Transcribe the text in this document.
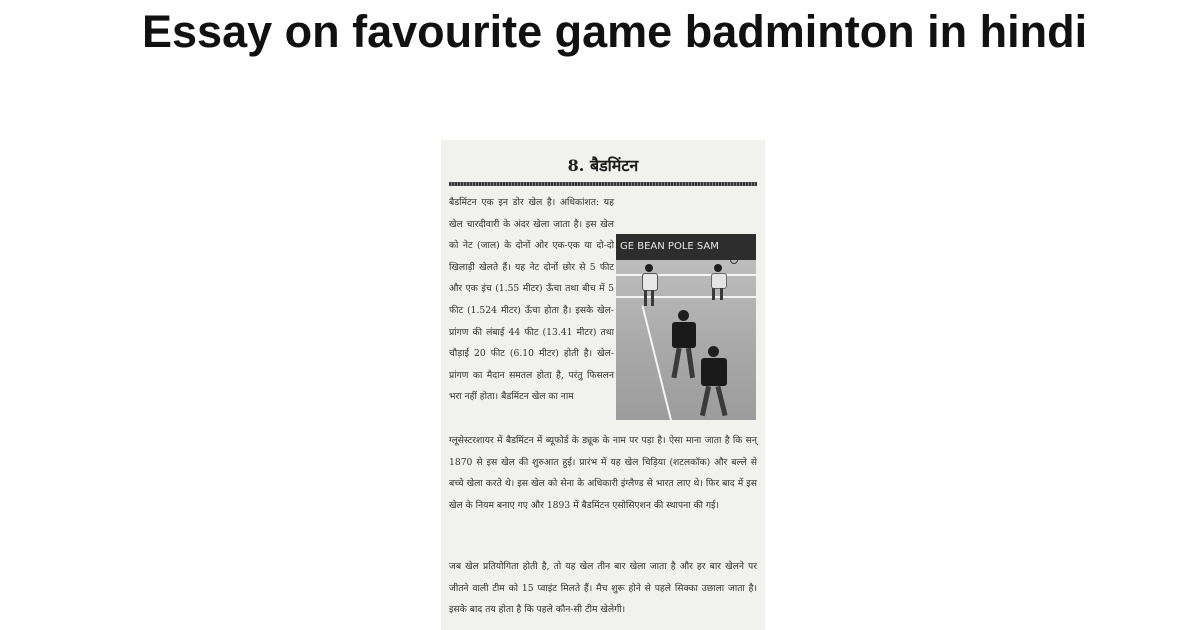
Essay on favourite game badminton in hindi
8. बैडमिंटन

बैडमिंटन एक इन डोर खेल है। अधिकांशत: यह खेल चारदीवारी के अंदर खेला जाता है। इस खेल को नेट (जाल) के दोनों ओर एक-एक या दो-दो खिलाड़ी खेलते हैं। यह नेट दोनों छोर से 5 फीट और एक इंच (1.55 मीटर) ऊँचा तथा बीच में 5 फीट (1.524 मीटर) ऊँचा होता है। इसके खेल-प्रांगण की लंबाई 44 फीट (13.41 मीटर) तथा चौड़ाई 20 फीट (6.10 मीटर) होती है। खेल-प्रांगण का मैदान समतल होता है, परंतु फिसलन भरा नहीं होता। बैडमिंटन खेल का नाम

GE BEAN POLE SAM

ग्लूसेस्टरशायर में बैडमिंटन में ब्यूफोर्ड के ड्यूक के नाम पर पड़ा है। ऐसा माना जाता है कि सन् 1870 से इस खेल की शुरुआत हुई। प्रारंभ में यह खेल चिड़िया (शटलकॉक) और बल्ले से बच्चे खेला करते थे। इस खेल को सेना के अधिकारी इंग्लैण्ड से भारत लाए थे। फिर बाद में इस खेल के नियम बनाए गए और 1893 में बैडमिंटन एसोसिएशन की स्थापना की गई।

जब खेल प्रतियोगिता होती है, तो यह खेल तीन बार खेला जाता है और हर बार खेलने पर जीतने वाली टीम को 15 प्वाइंट मिलते हैं। मैच शुरू होने से पहले सिक्का उछाला जाता है। इसके बाद तय होता है कि पहले कौन-सी टीम खेलेगी।
